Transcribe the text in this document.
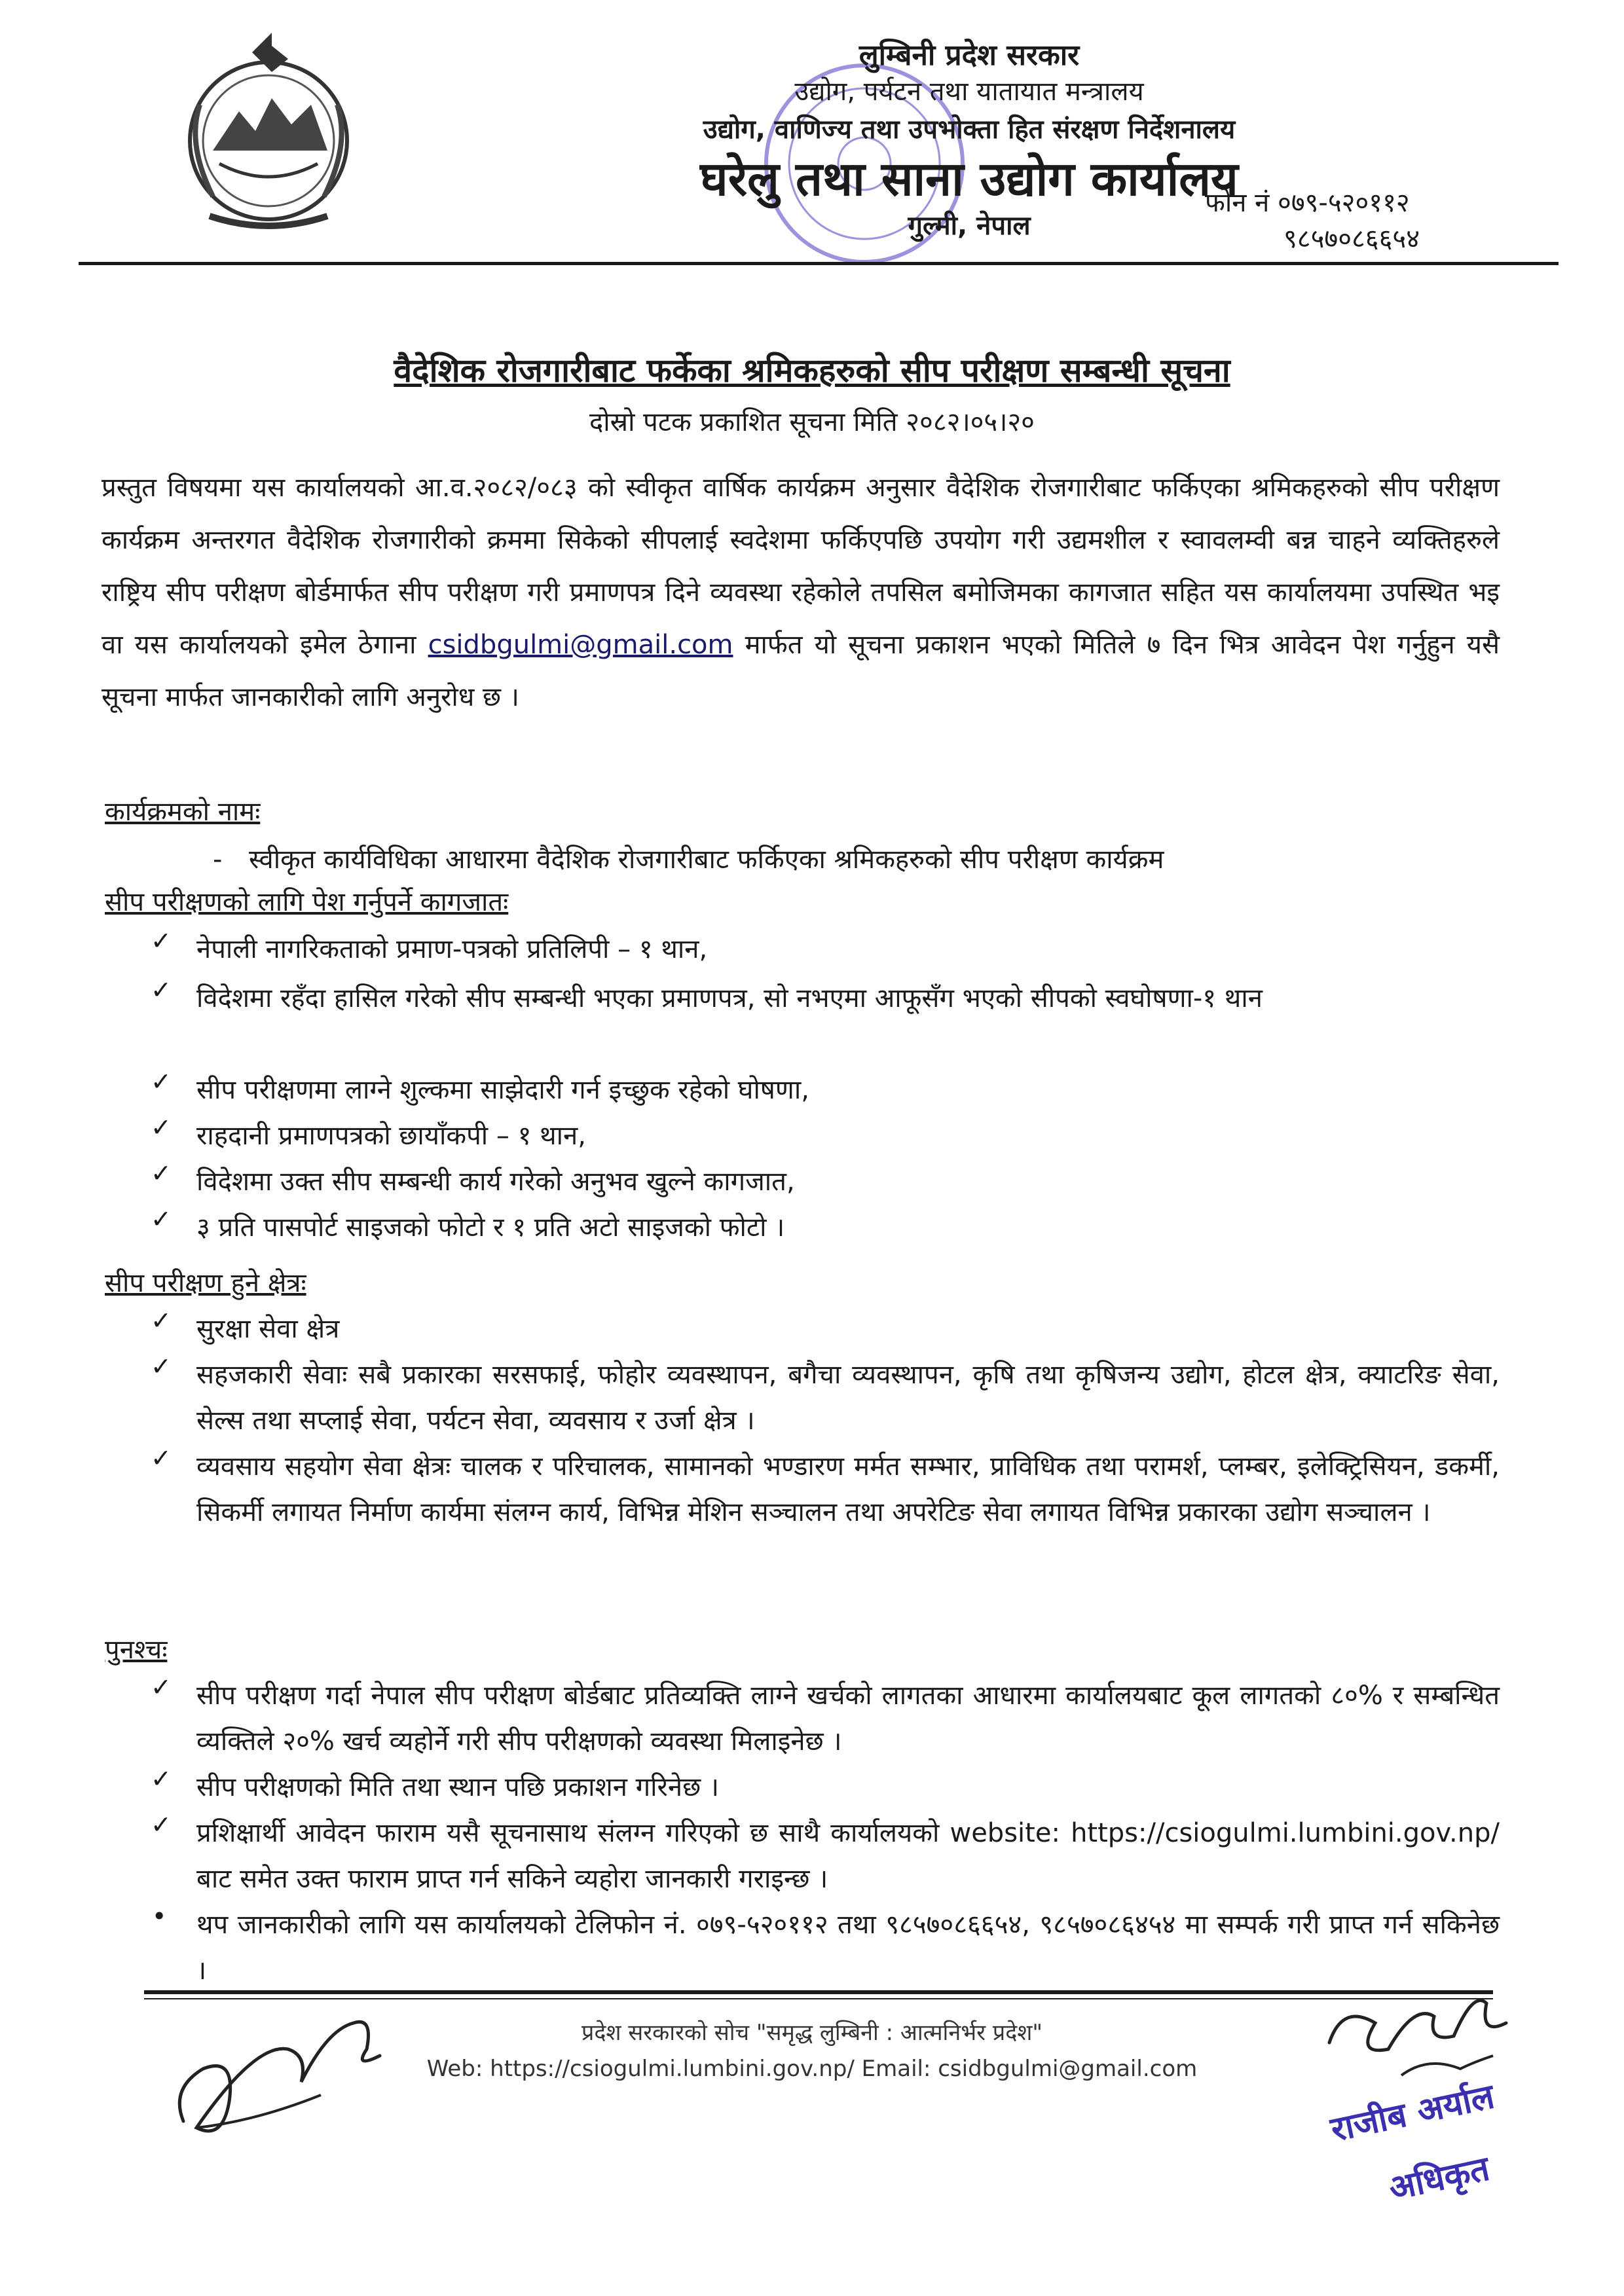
लुम्बिनी प्रदेश सरकार
उद्योग, पर्यटन तथा यातायात मन्त्रालय
उद्योग, वाणिज्य तथा उपभोक्ता हित संरक्षण निर्देशनालय
घरेलु तथा साना उद्योग कार्यालय
गुल्मी, नेपाल
फोन नं ०७९-५२०११२
९८५७०८६६५४
वैदेशिक रोजगारीबाट फर्केका श्रमिकहरुको सीप परीक्षण सम्बन्धी सूचना
दोस्रो पटक प्रकाशित सूचना मिति २०८२।०५।२०
प्रस्तुत विषयमा यस कार्यालयको आ.व.२०८२/०८३ को स्वीकृत वार्षिक कार्यक्रम अनुसार वैदेशिक रोजगारीबाट फर्किएका श्रमिकहरुको सीप परीक्षण कार्यक्रम अन्तरगत वैदेशिक रोजगारीको क्रममा सिकेको सीपलाई स्वदेशमा फर्किएपछि उपयोग गरी उद्यमशील र स्वावलम्वी बन्न चाहने व्यक्तिहरुले राष्ट्रिय सीप परीक्षण बोर्डमार्फत सीप परीक्षण गरी प्रमाणपत्र दिने व्यवस्था रहेकोले तपसिल बमोजिमका कागजात सहित यस कार्यालयमा उपस्थित भइ वा यस कार्यालयको इमेल ठेगाना csidbgulmi@gmail.com मार्फत यो सूचना प्रकाशन भएको मितिले ७ दिन भित्र आवेदन पेश गर्नुहुन यसै सूचना मार्फत जानकारीको लागि अनुरोध छ ।
कार्यक्रमको नामः
- स्वीकृत कार्यविधिका आधारमा वैदेशिक रोजगारीबाट फर्किएका श्रमिकहरुको सीप परीक्षण कार्यक्रम
सीप परीक्षणको लागि पेश गर्नुपर्ने कागजातः
✓ नेपाली नागरिकताको प्रमाण-पत्रको प्रतिलिपी – १ थान,
✓ विदेशमा रहँदा हासिल गरेको सीप सम्बन्धी भएका प्रमाणपत्र, सो नभएमा आफूसँग भएको सीपको स्वघोषणा-१ थान
✓ सीप परीक्षणमा लाग्ने शुल्कमा साझेदारी गर्न इच्छुक रहेको घोषणा,
✓ राहदानी प्रमाणपत्रको छायाँकपी – १ थान,
✓ विदेशमा उक्त सीप सम्बन्धी कार्य गरेको अनुभव खुल्ने कागजात,
✓ ३ प्रति पासपोर्ट साइजको फोटो र १ प्रति अटो साइजको फोटो ।
सीप परीक्षण हुने क्षेत्रः
✓ सुरक्षा सेवा क्षेत्र
✓ सहजकारी सेवाः सबै प्रकारका सरसफाई, फोहोर व्यवस्थापन, बगैचा व्यवस्थापन, कृषि तथा कृषिजन्य उद्योग, होटल क्षेत्र, क्याटरिङ सेवा, सेल्स तथा सप्लाई सेवा, पर्यटन सेवा, व्यवसाय र उर्जा क्षेत्र ।
✓ व्यवसाय सहयोग सेवा क्षेत्रः चालक र परिचालक, सामानको भण्डारण मर्मत सम्भार, प्राविधिक तथा परामर्श, प्लम्बर, इलेक्ट्रिसियन, डकर्मी, सिकर्मी लगायत निर्माण कार्यमा संलग्न कार्य, विभिन्न मेशिन सञ्चालन तथा अपरेटिङ सेवा लगायत विभिन्न प्रकारका उद्योग सञ्चालन ।
पुनश्चः
✓ सीप परीक्षण गर्दा नेपाल सीप परीक्षण बोर्डबाट प्रतिव्यक्ति लाग्ने खर्चको लागतका आधारमा कार्यालयबाट कूल लागतको ८०% र सम्बन्धित व्यक्तिले २०% खर्च व्यहोर्ने गरी सीप परीक्षणको व्यवस्था मिलाइनेछ ।
✓ सीप परीक्षणको मिति तथा स्थान पछि प्रकाशन गरिनेछ ।
✓ प्रशिक्षार्थी आवेदन फाराम यसै सूचनासाथ संलग्न गरिएको छ साथै कार्यालयको website: https://csiogulmi.lumbini.gov.np/ बाट समेत उक्त फाराम प्राप्त गर्न सकिने व्यहोरा जानकारी गराइन्छ ।
• थप जानकारीको लागि यस कार्यालयको टेलिफोन नं. ०७९-५२०११२ तथा ९८५७०८६६५४, ९८५७०८६४५४ मा सम्पर्क गरी प्राप्त गर्न सकिनेछ ।
प्रदेश सरकारको सोच "समृद्ध लुम्बिनी : आत्मनिर्भर प्रदेश"
Web: https://csiogulmi.lumbini.gov.np/ Email: csidbgulmi@gmail.com
राजीब अर्याल
अधिकृत
